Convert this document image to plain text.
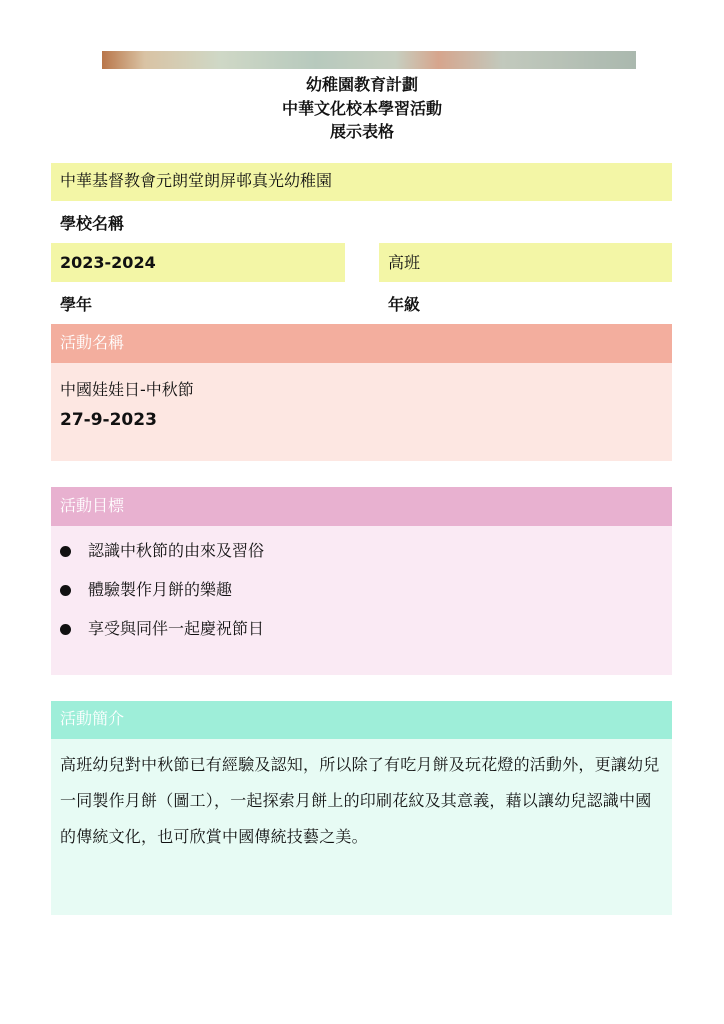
幼稚園教育計劃
中華文化校本學習活動
展示表格
中華基督教會元朗堂朗屏邨真光幼稚園
學校名稱
2023-2024	高班
學年	年級
活動名稱
中國娃娃日-中秋節
27-9-2023
活動目標
認識中秋節的由來及習俗
體驗製作月餅的樂趣
享受與同伴一起慶祝節日
活動簡介
高班幼兒對中秋節已有經驗及認知，所以除了有吃月餅及玩花燈的活動外，更讓幼兒一同製作月餅（圖工），一起探索月餅上的印刷花紋及其意義，藉以讓幼兒認識中國的傳統文化，也可欣賞中國傳統技藝之美。
